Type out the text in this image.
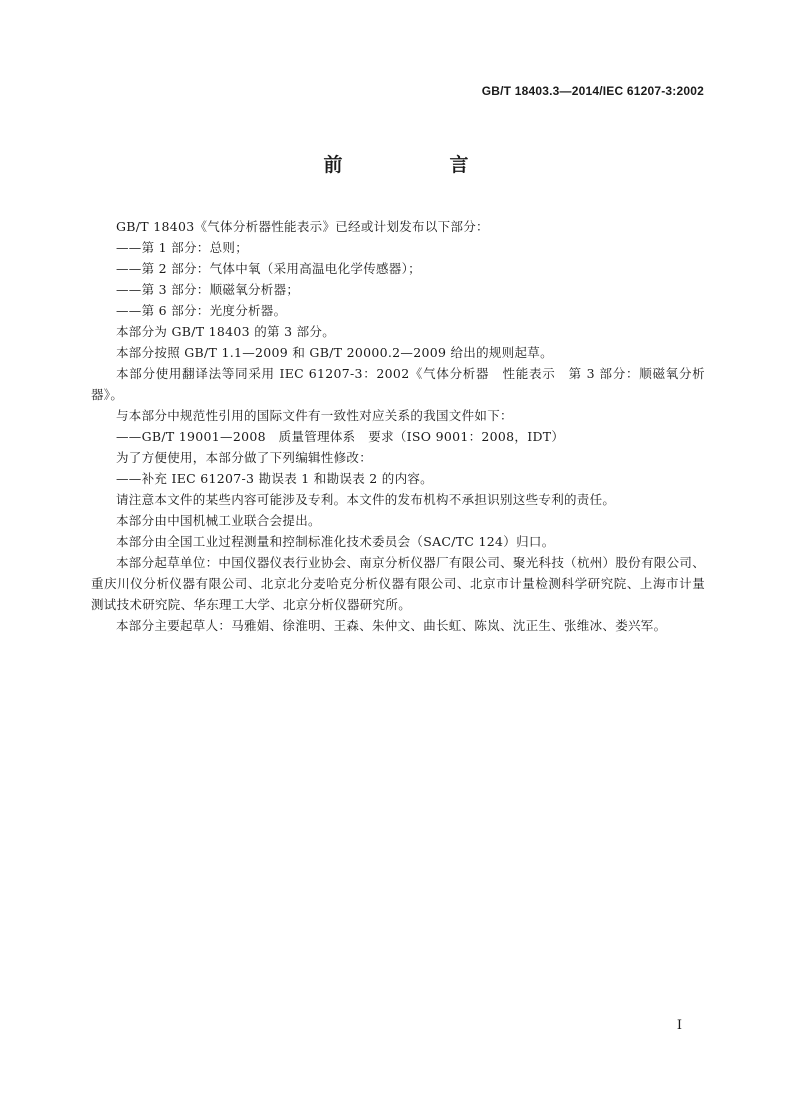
GB/T 18403.3—2014/IEC 61207-3:2002
前　言

GB/T 18403《气体分析器性能表示》已经或计划发布以下部分：

——第 1 部分：总则；

——第 2 部分：气体中氧（采用高温电化学传感器）；

——第 3 部分：顺磁氧分析器；

——第 6 部分：光度分析器。

本部分为 GB/T 18403 的第 3 部分。

本部分按照 GB/T 1.1—2009 和 GB/T 20000.2—2009 给出的规则起草。

本部分使用翻译法等同采用 IEC 61207-3：2002《气体分析器　性能表示　第 3 部分：顺磁氧分析器》。

与本部分中规范性引用的国际文件有一致性对应关系的我国文件如下：

——GB/T 19001—2008　质量管理体系　要求（ISO 9001：2008，IDT）

为了方便使用，本部分做了下列编辑性修改：

——补充 IEC 61207-3 勘误表 1 和勘误表 2 的内容。

请注意本文件的某些内容可能涉及专利。本文件的发布机构不承担识别这些专利的责任。

本部分由中国机械工业联合会提出。

本部分由全国工业过程测量和控制标准化技术委员会（SAC/TC 124）归口。

本部分起草单位：中国仪器仪表行业协会、南京分析仪器厂有限公司、聚光科技（杭州）股份有限公司、重庆川仪分析仪器有限公司、北京北分麦哈克分析仪器有限公司、北京市计量检测科学研究院、上海市计量测试技术研究院、华东理工大学、北京分析仪器研究所。

本部分主要起草人：马雅娟、徐淮明、王森、朱仲文、曲长虹、陈岚、沈正生、张维冰、娄兴军。

I
